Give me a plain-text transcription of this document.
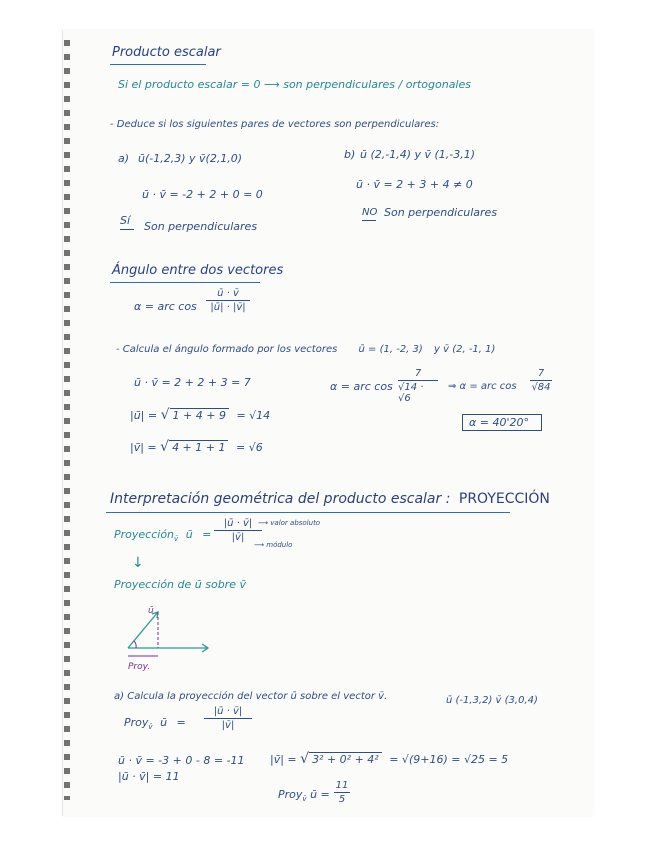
Producto escalar
Si el producto escalar = 0 ⟶ son perpendiculares / ortogonales
- Deduce si los siguientes pares de vectores son perpendiculares:
a) ū(-1,2,3) y v̄(2,1,0)
ū · v̄ = -2 + 2 + 0 = 0
Sí Son perpendiculares
b) ū (2,-1,4) y v̄ (1,-3,1)
ū · v̄ = 2 + 3 + 4 ≠ 0
NO Son perpendiculares
Ángulo entre dos vectores
α = arc cos
ū · v̄
|ū| · |v̄|
- Calcula el ángulo formado por los vectores ū = (1, -2, 3) y v̄ (2, -1, 1)
ū · v̄ = 2 + 2 + 3 = 7
|ū| = √ 1 + 4 + 9 = √14
|v̄| = √ 4 + 1 + 1 = √6
α = arc cos
7
√14 · √6
⇒ α = arc cos
7
√84
α = 40'20°
Interpretación geométrica del producto escalar : PROYECCIÓN
Proyección$_{v̄}$ ū =
|ū · v̄|
|v̄|
⟶ valor absoluto
⟶ módulo
↓
Proyección de ū sobre v̄
ū
Proy.
a) Calcula la proyección del vector ū sobre el vector v̄.	ū (-1,3,2) v̄ (3,0,4)
Proy$_{v̄}$ ū =
|ū · v̄|
|v̄|
ū · v̄ = -3 + 0 - 8 = -11
|ū · v̄| = 11
|v̄| = √ 3² + 0² + 4² = √(9+16) = √25 = 5
Proy$_{v̄}$ ū =
11
5
